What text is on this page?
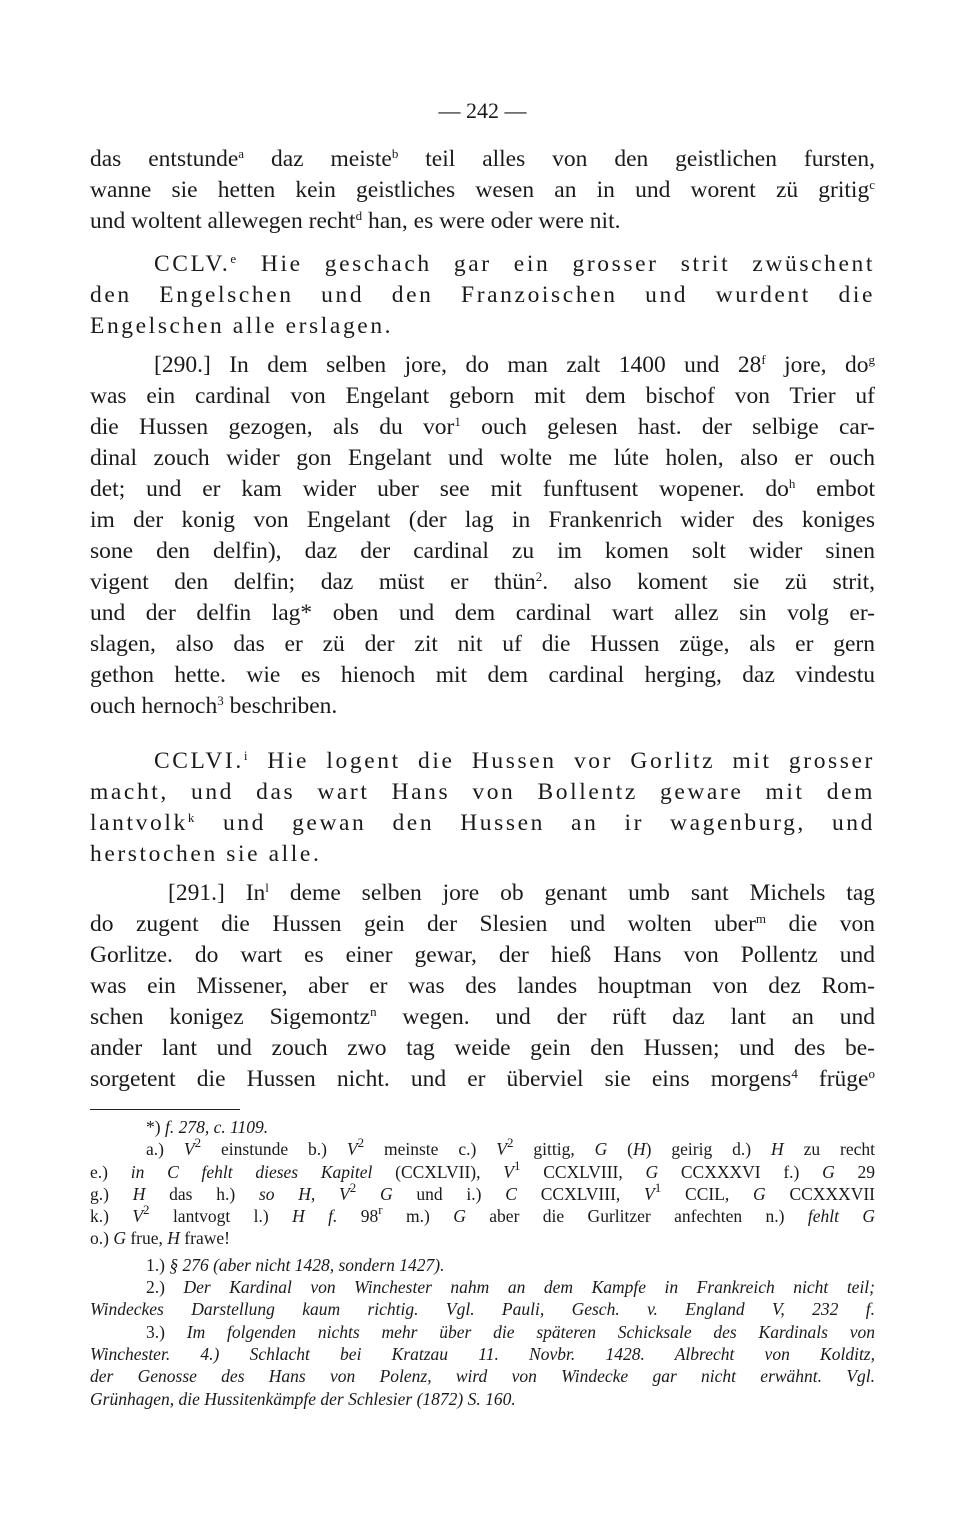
— 242 —
das entstunde$^a$ daz meiste$^b$ teil alles von den geistlichen fursten,
wanne sie hetten kein geistliches wesen an in und worent zü gritig$^c$
und woltent allewegen recht$^d$ han, es were oder were nit.
CCLV.$^e$ Hie geschach gar ein grosser strit zwüschent
den Engelschen und den Franzoischen und wurdent die
Engelschen alle erslagen.
[290.] In dem selben jore, do man zalt 1400 und 28$^f$ jore, $do^g$
was ein cardinal von Engelant geborn mit dem bischof von Trier uf
die Hussen gezogen, als du vor$^1$ ouch gelesen hast. der selbige car-
dinal zouch wider gon Engelant und wolte me lúte holen, also er ouch
det; und er kam wider uber see mit funftusent wopener. $do^h$ embot
im der konig von Engelant (der lag in Frankenrich wider des koniges
sone den delfin), daz der cardinal zu im komen solt wider sinen
vigent den delfin; daz müst er thün$^2$. also koment sie zü strit,
und der delfin lag* oben und dem cardinal wart allez sin volg er-
slagen, also das er zü der zit nit uf die Hussen züge, als er gern
gethon hette. wie es hienoch mit dem cardinal herging, daz vindestu
ouch hernoch$^3$ beschriben.
CCLVI.$^i$ Hie logent die Hussen vor Gorlitz mit grosser
macht, und das wart Hans von Bollentz geware mit dem
lantvolk$^k$ und gewan den Hussen an ir wagenburg, und
herstochen sie alle.
[291.] In$^l$ deme selben jore ob genant umb sant Michels tag
do zugent die Hussen gein der Slesien und wolten uber$^m$ die von
Gorlitze. do wart es einer gewar, der hieß Hans von Pollentz und
was ein Missener, aber er was des landes houptman von dez Rom-
schen konigez Sigemontz$^n$ wegen. und der rüft daz lant an und
ander lant und zouch zwo tag weide gein den Hussen; und des be-
sorgetent die Hussen nicht. und er überviel sie eins morgens$^4$ früge$^o$
*) f. 278, c. 1109.
a.) $V^2$ einstunde b.) $V^2$ meinste c.) $V^2$ gittig, G (H) geirig d.) H zu recht
e.) in C fehlt dieses Kapitel (CCXLVII), $V^1$ CCXLVIII, G CCXXXVI f.) G 29
g.) H das h.) so H, $V^2$ G und i.) C CCXLVIII, $V^1$ CCIL, G CCXXXVII
k.) $V^2$ lantvogt l.) H f. 98$^r$ m.) G aber die Gurlitzer anfechten n.) fehlt G
o.) G frue, H frawe!
1.) § 276 (aber nicht 1428, sondern 1427).
2.) Der Kardinal von Winchester nahm an dem Kampfe in Frankreich nicht teil;
Windeckes Darstellung kaum richtig. Vgl. Pauli, Gesch. v. England V, 232 f.
3.) Im folgenden nichts mehr über die späteren Schicksale des Kardinals von
Winchester. 4.) Schlacht bei Kratzau 11. Novbr. 1428. Albrecht von Kolditz,
der Genosse des Hans von Polenz, wird von Windecke gar nicht erwähnt. Vgl.
Grünhagen, die Hussitenkämpfe der Schlesier (1872) S. 160.
